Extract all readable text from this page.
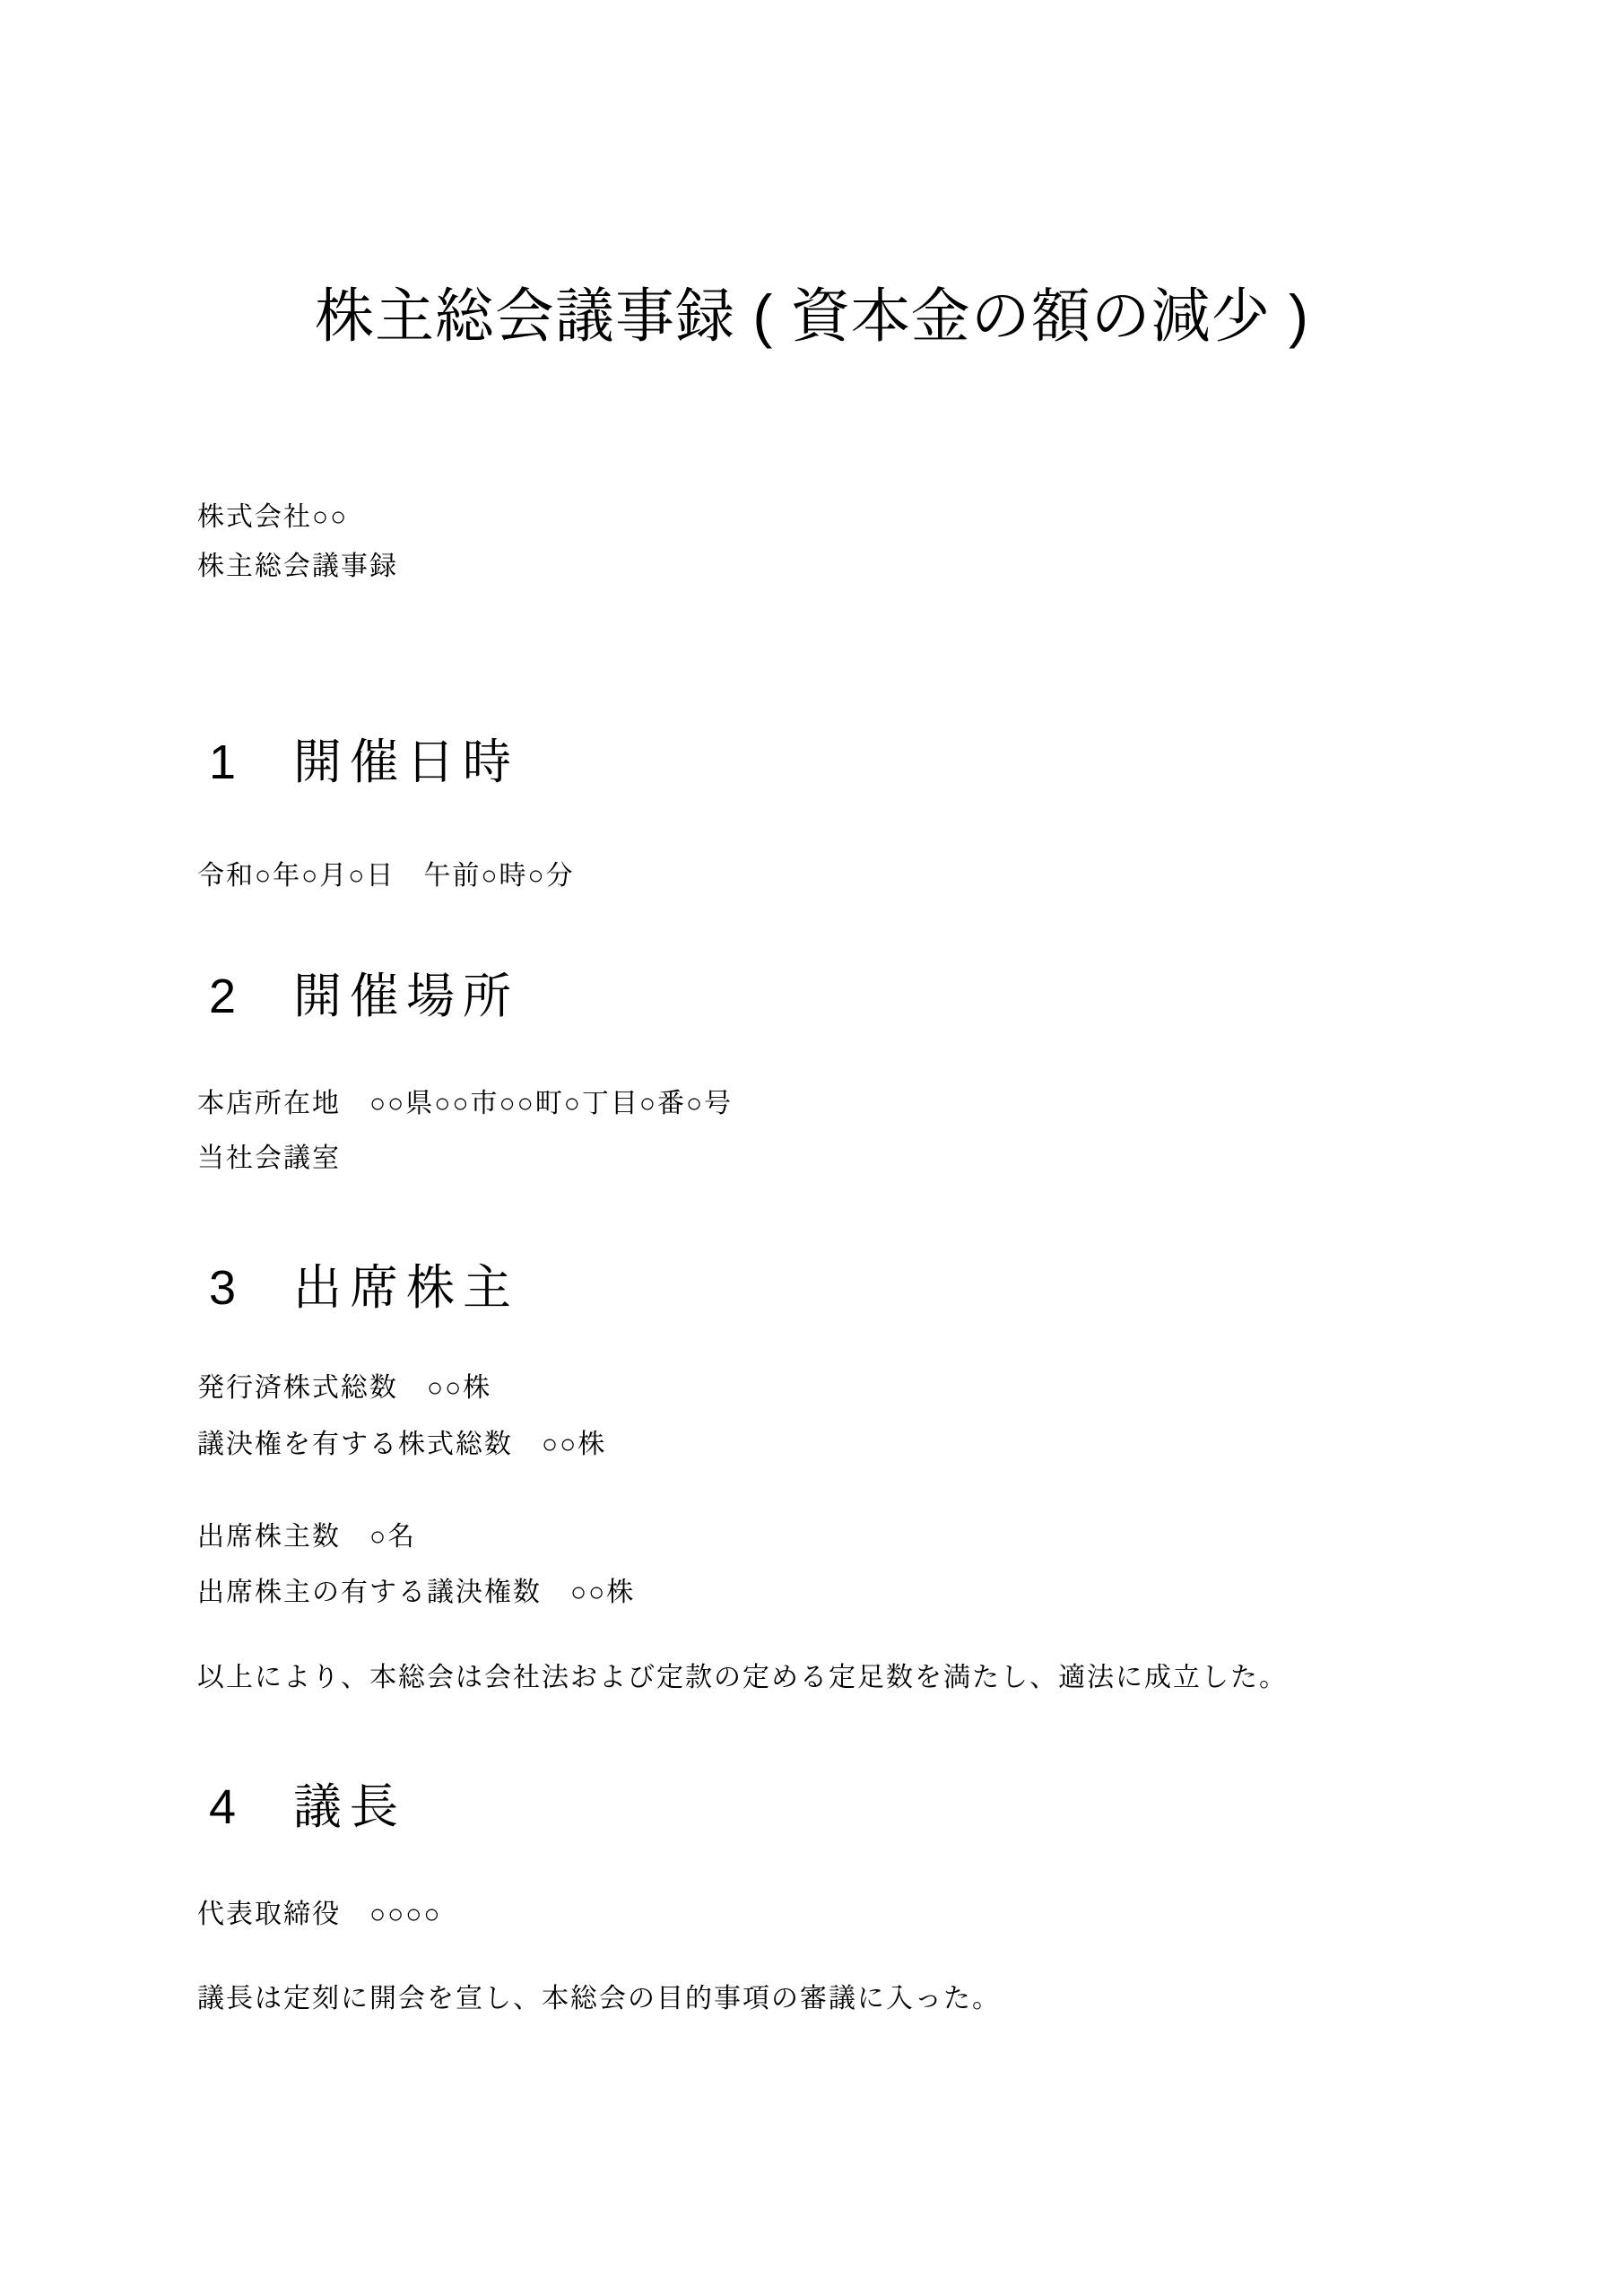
株主総会議事録 ( 資本金の額の減少 )

株式会社○○

株主総会議事録

1 開催日時

令和○年○月○日　午前○時○分

2 開催場所

本店所在地　○○県○○市○○町○丁目○番○号

当社会議室

3 出席株主

発行済株式総数　○○株

議決権を有する株式総数　○○株

出席株主数　○名

出席株主の有する議決権数　○○株

以上により、本総会は会社法および定款の定める定足数を満たし、適法に成立した。

4 議長

代表取締役　○○○○

議長は定刻に開会を宣し、本総会の目的事項の審議に入った。
